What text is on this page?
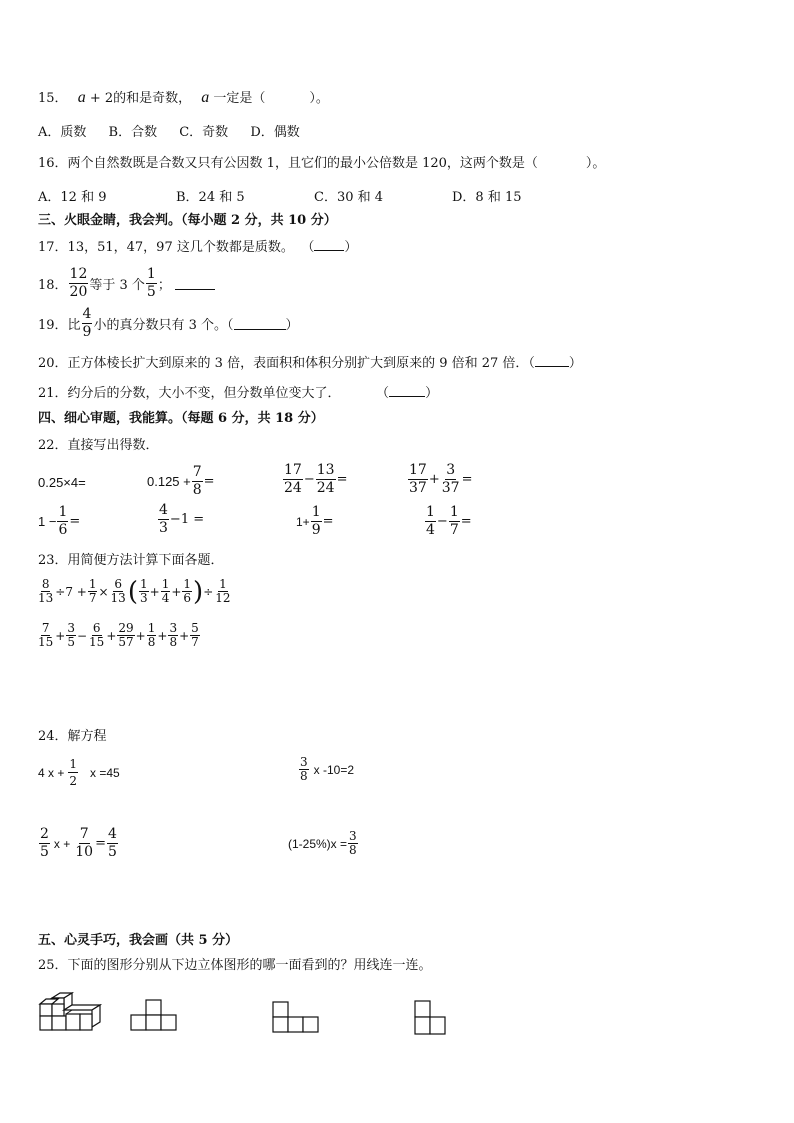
15． a + 2的和是奇数， a 一定是（	）。
A．质数 B．合数 C．奇数 D．偶数
16．两个自然数既是合数又只有公因数 1，且它们的最小公倍数是 120，这两个数是（	）。
A．12 和 9	B．24 和 5	C．30 和 4	D．8 和 15
三、火眼金睛，我会判。（每小题 2 分，共 10 分）
17．13，51，47，97 这几个数都是质数。 （ ）
18． $\frac{12}{20}$ 等于 3 个 $\frac{1}{5}$ ；
19．比 $\frac{4}{9}$ 小的真分数只有 3 个。（	）
20．正方体棱长扩大到原来的 3 倍，表面积和体积分别扩大到原来的 9 倍和 27 倍．（	）
21．约分后的分数，大小不变，但分数单位变大了．	（	）
四、细心审题，我能算。（每题 6 分，共 18 分）
22．直接写出得数．
0.25×4=	$0.125 + \frac{7}{8}$ =	$\frac{17}{24} - \frac{13}{24}$ =	$\frac{17}{37} + \frac{3}{37}$ =
$1 - \frac{1}{6}$ =	$\frac{4}{3} -1$ =	$1+ \frac{1}{9}$ =	$\frac{1}{4} - \frac{1}{7}$ =
23．用简便方法计算下面各题．
$\frac{8}{13} \div 7 + \frac{1}{7} \times \frac{6}{13}$ ( $\frac{1}{3} + \frac{1}{4} + \frac{1}{6}$ ) ÷ $\frac{1}{12}$
$\frac{7}{15} + \frac{3}{5} - \frac{6}{15} + \frac{29}{57} + \frac{1}{8} + \frac{3}{8} + \frac{5}{7}$
24．解方程
4 $x + \frac{1}{2}$ x =45	$\frac{3}{8}$ x -10=2
$\frac{2}{5}$ $x + \frac{7}{10} = \frac{4}{5}$	$(1-25\%)x = \frac{3}{8}$
五、心灵手巧，我会画（共 5 分）
25．下面的图形分别从下边立体图形的哪一面看到的？用线连一连。
